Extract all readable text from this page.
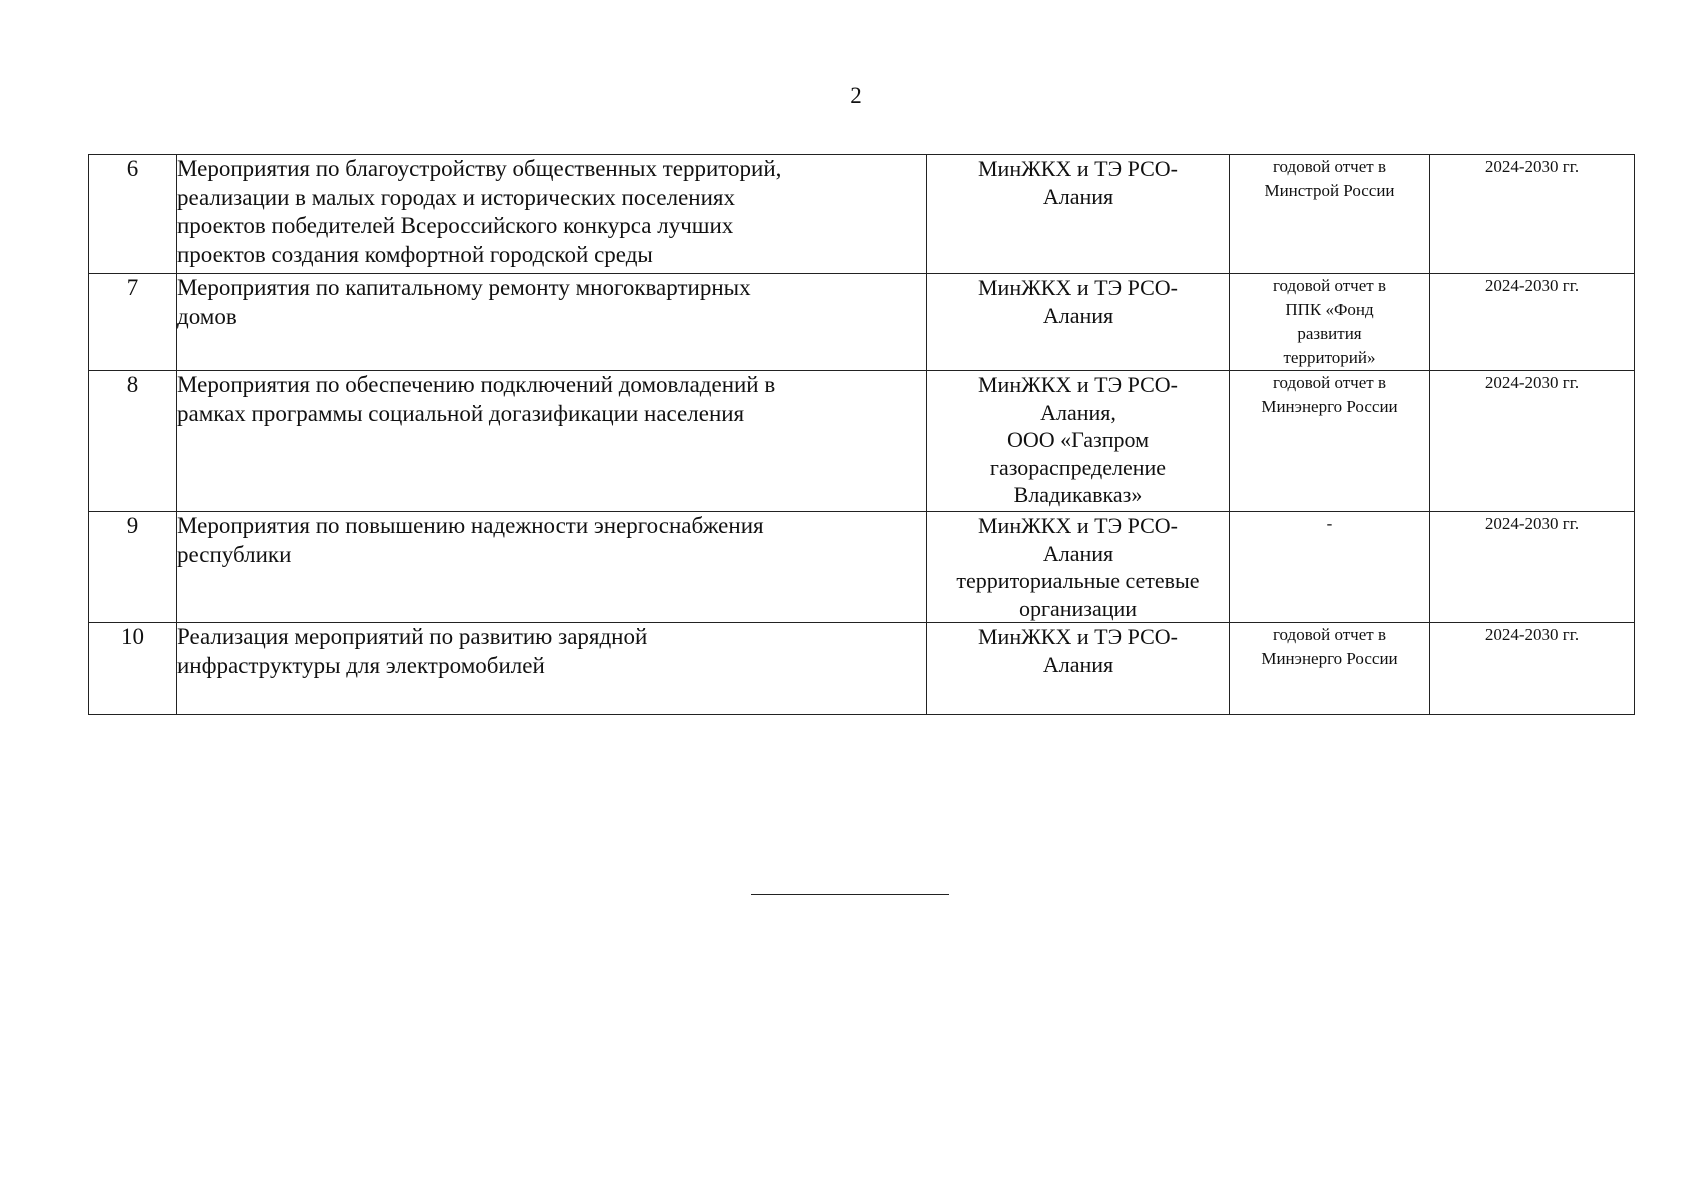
2
6	Мероприятия по благоустройству общественных территорий,
реализации в малых городах и исторических поселениях
проектов победителей Всероссийского конкурса лучших
проектов создания комфортной городской среды	МинЖКХ и ТЭ РСО-
Алания	годовой отчет в
Минстрой России	2024-2030 гг.
7	Мероприятия по капитальному ремонту многоквартирных
домов	МинЖКХ и ТЭ РСО-
Алания	годовой отчет в
ППК «Фонд
развития
территорий»	2024-2030 гг.
8	Мероприятия по обеспечению подключений домовладений в
рамках программы социальной догазификации населения	МинЖКХ и ТЭ РСО-
Алания,
ООО «Газпром
газораспределение
Владикавказ»	годовой отчет в
Минэнерго России	2024-2030 гг.
9	Мероприятия по повышению надежности энергоснабжения
республики	МинЖКХ и ТЭ РСО-
Алания
территориальные сетевые
организации	-	2024-2030 гг.
10	Реализация мероприятий по развитию зарядной
инфраструктуры для электромобилей	МинЖКХ и ТЭ РСО-
Алания	годовой отчет в
Минэнерго России	2024-2030 гг.
